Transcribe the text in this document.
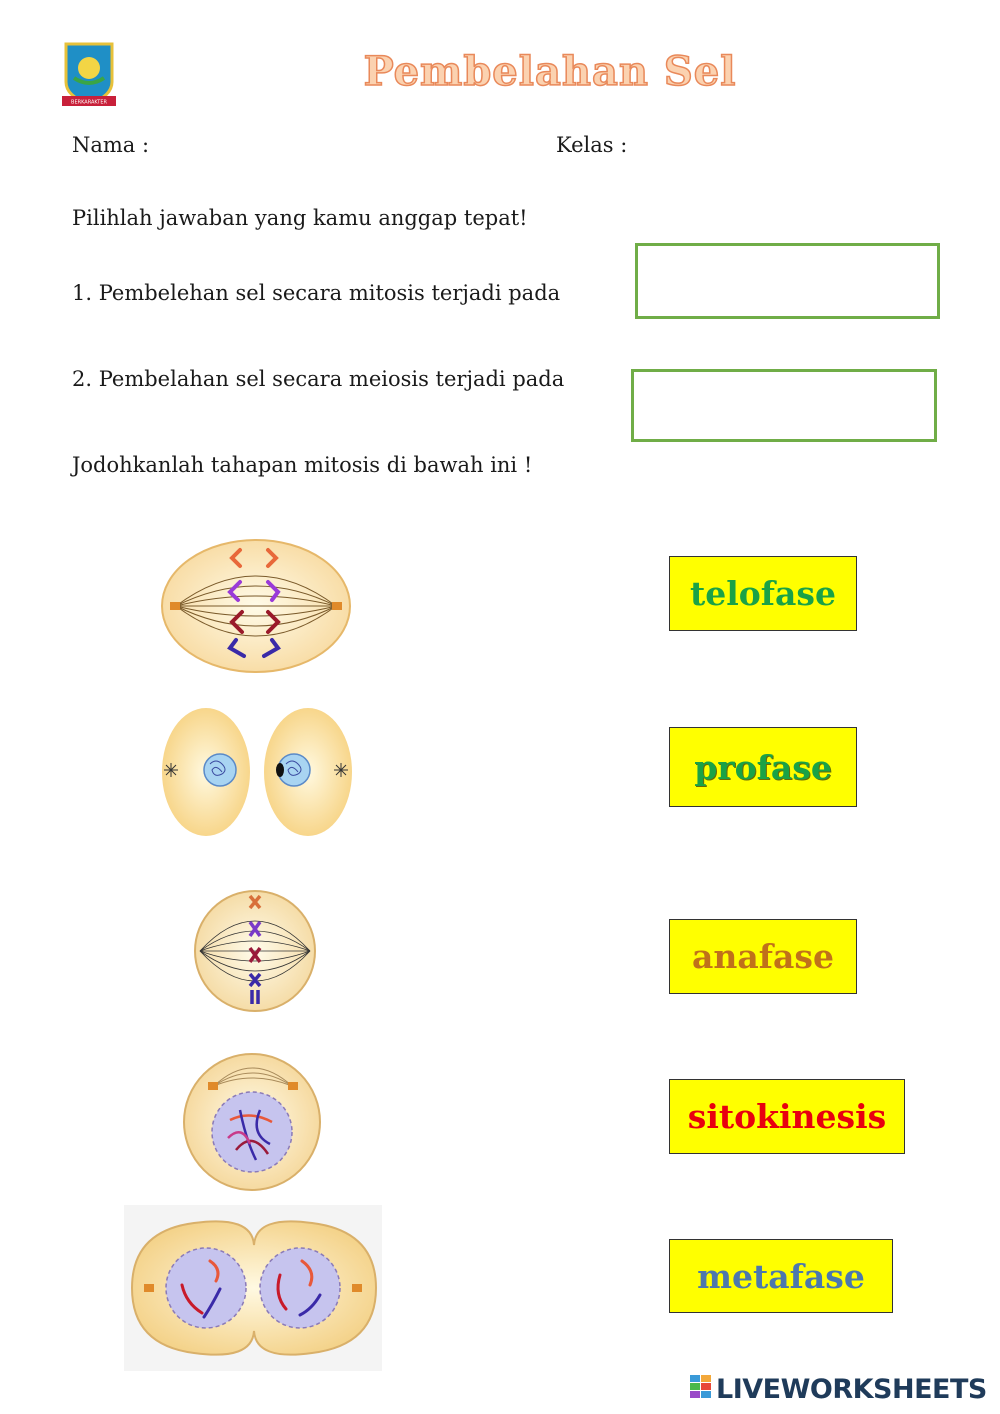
BERKARAKTER
Pembelahan Sel
Nama :	Kelas :
Pilihlah jawaban yang kamu anggap tepat!
1. Pembelehan sel secara mitosis terjadi pada
2. Pembelahan sel secara meiosis terjadi pada
Jodohkanlah tahapan mitosis di bawah ini !
telofase
profase
anafase
sitokinesis
metafase
LIVEWORKSHEETS
